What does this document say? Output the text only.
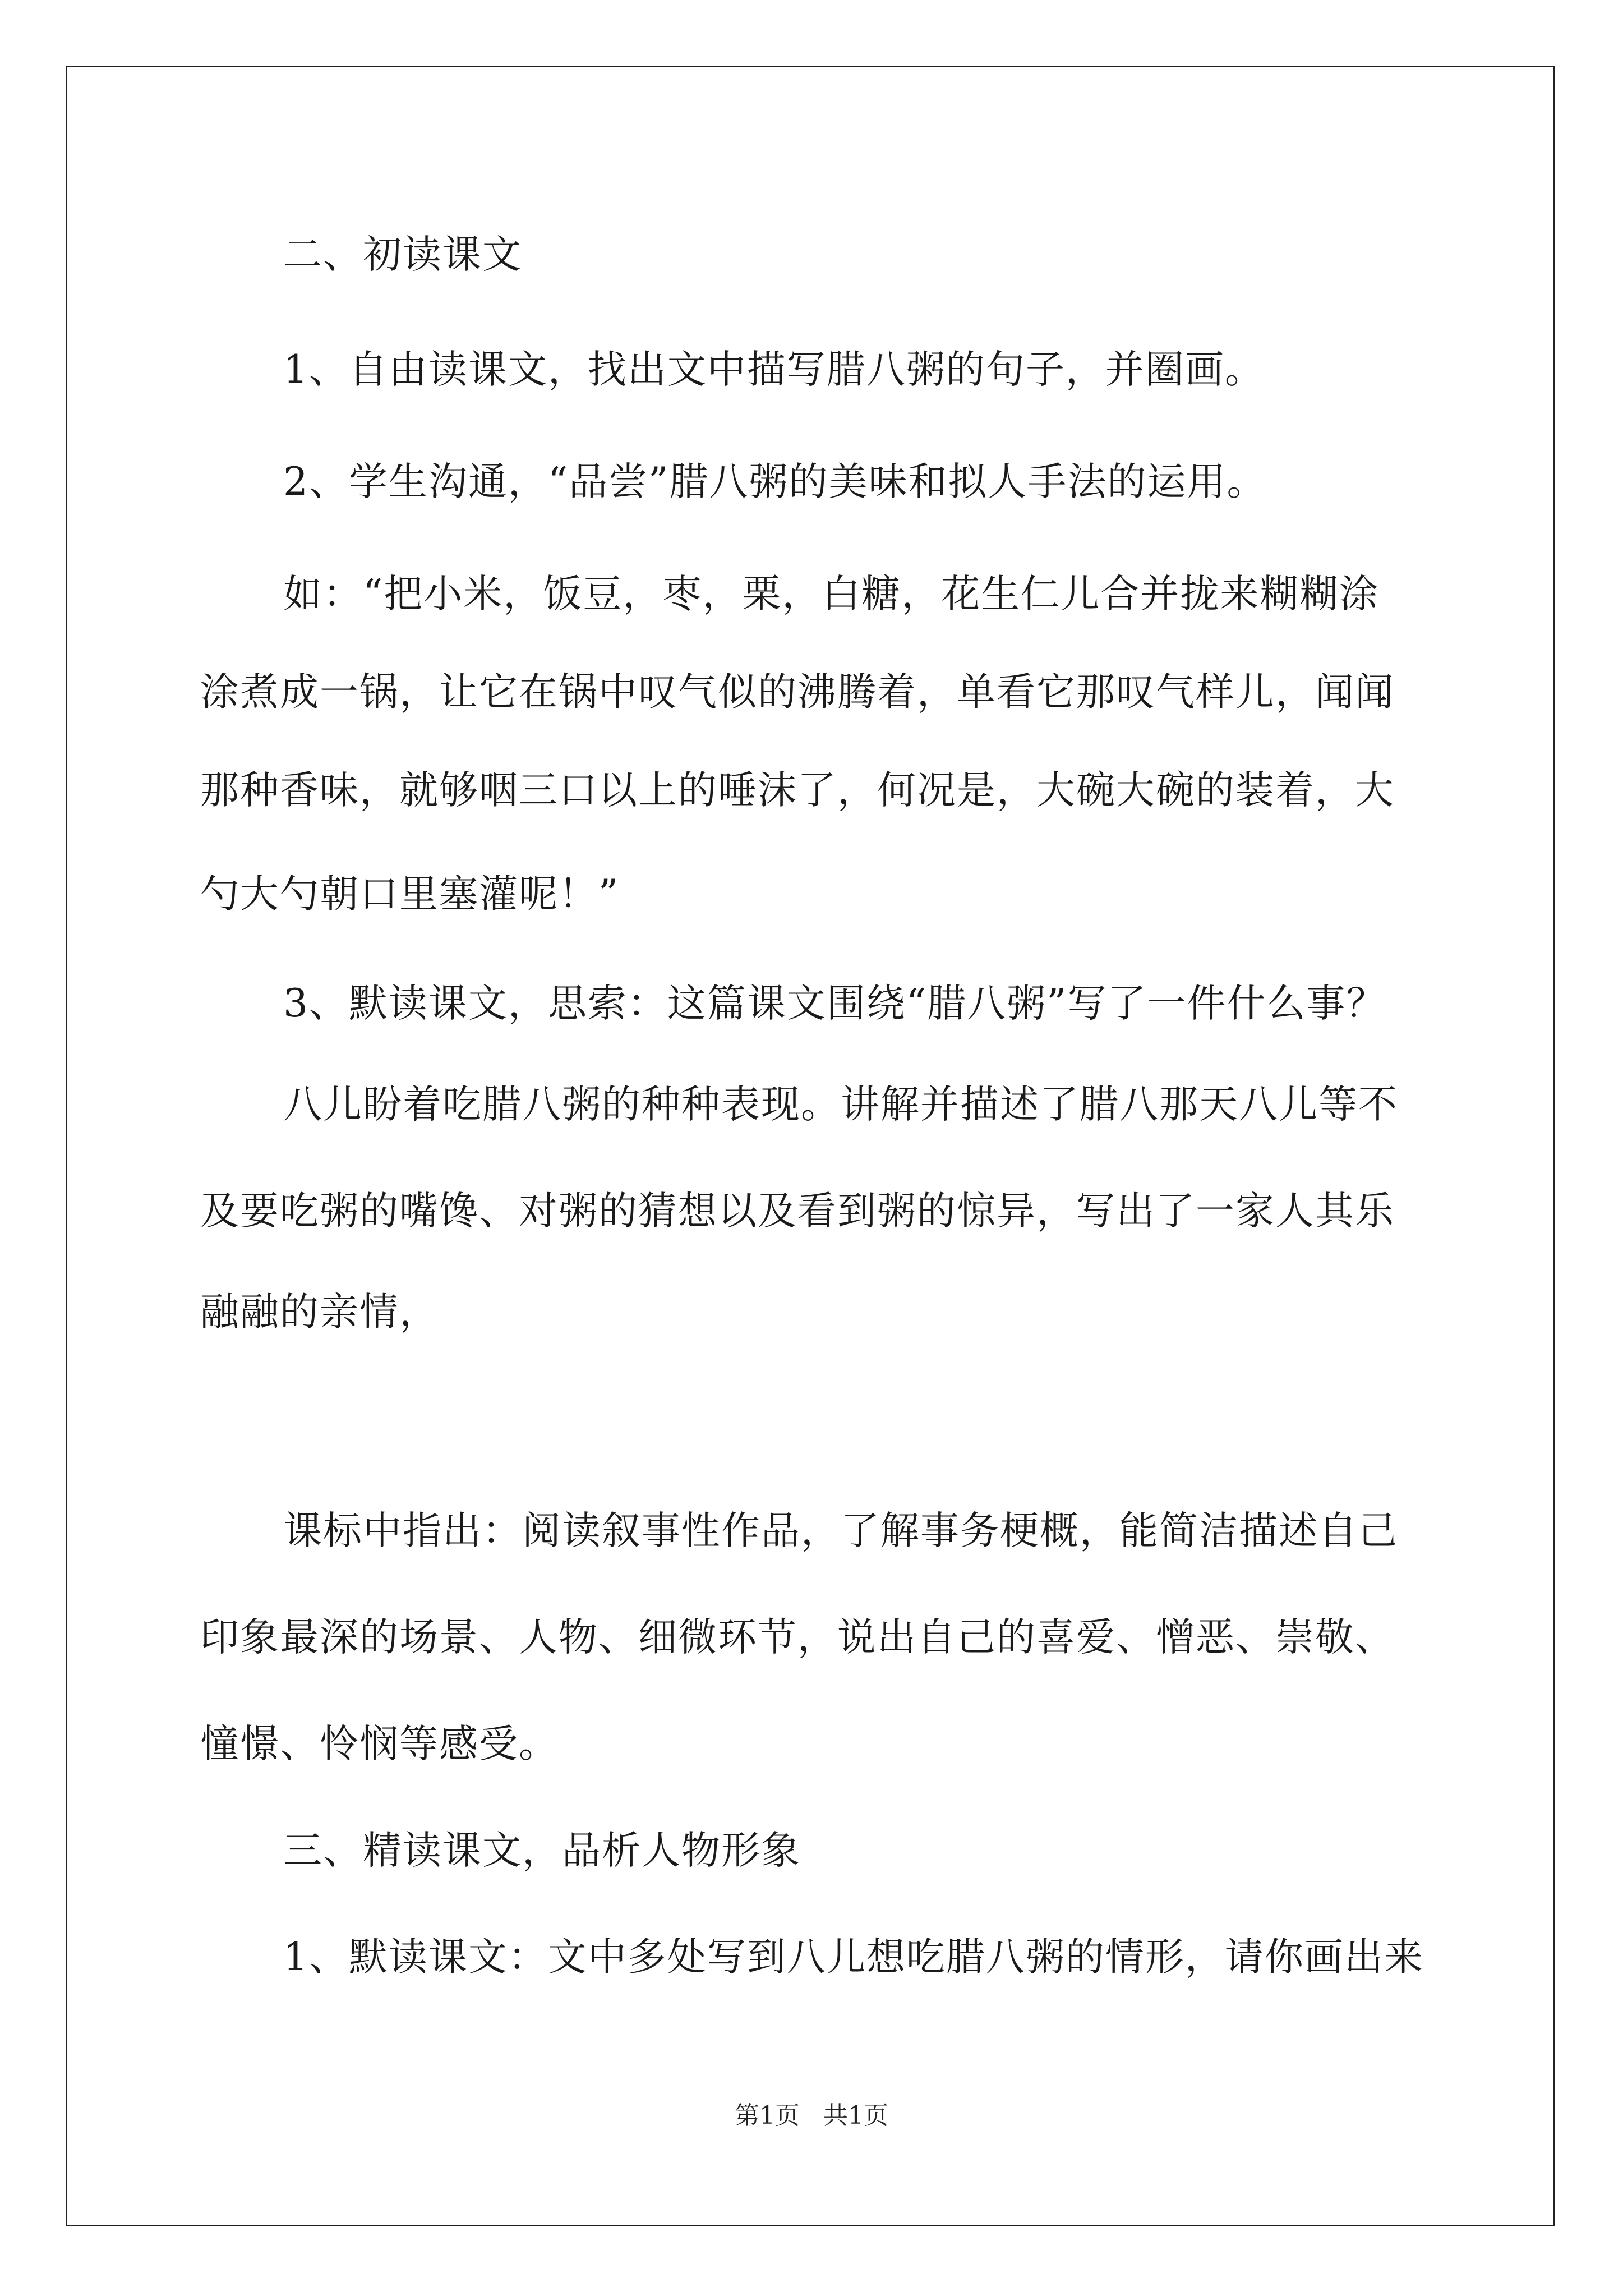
二、初读课文
1、自由读课文，找出文中描写腊八粥的句子，并圈画。
2、学生沟通，“品尝”腊八粥的美味和拟人手法的运用。
如：“把小米，饭豆，枣，栗，白糖，花生仁儿合并拢来糊糊涂
涂煮成一锅，让它在锅中叹气似的沸腾着，单看它那叹气样儿，闻闻
那种香味，就够咽三口以上的唾沫了，何况是，大碗大碗的装着，大
勺大勺朝口里塞灌呢！”
3、默读课文，思索：这篇课文围绕“腊八粥”写了一件什么事？
八儿盼着吃腊八粥的种种表现。讲解并描述了腊八那天八儿等不
及要吃粥的嘴馋、对粥的猜想以及看到粥的惊异，写出了一家人其乐
融融的亲情，
课标中指出：阅读叙事性作品，了解事务梗概，能简洁描述自己
印象最深的场景、人物、细微环节，说出自己的喜爱、憎恶、崇敬、
憧憬、怜悯等感受。
三、精读课文，品析人物形象
1、默读课文：文中多处写到八儿想吃腊八粥的情形，请你画出来
第1页 共1页
